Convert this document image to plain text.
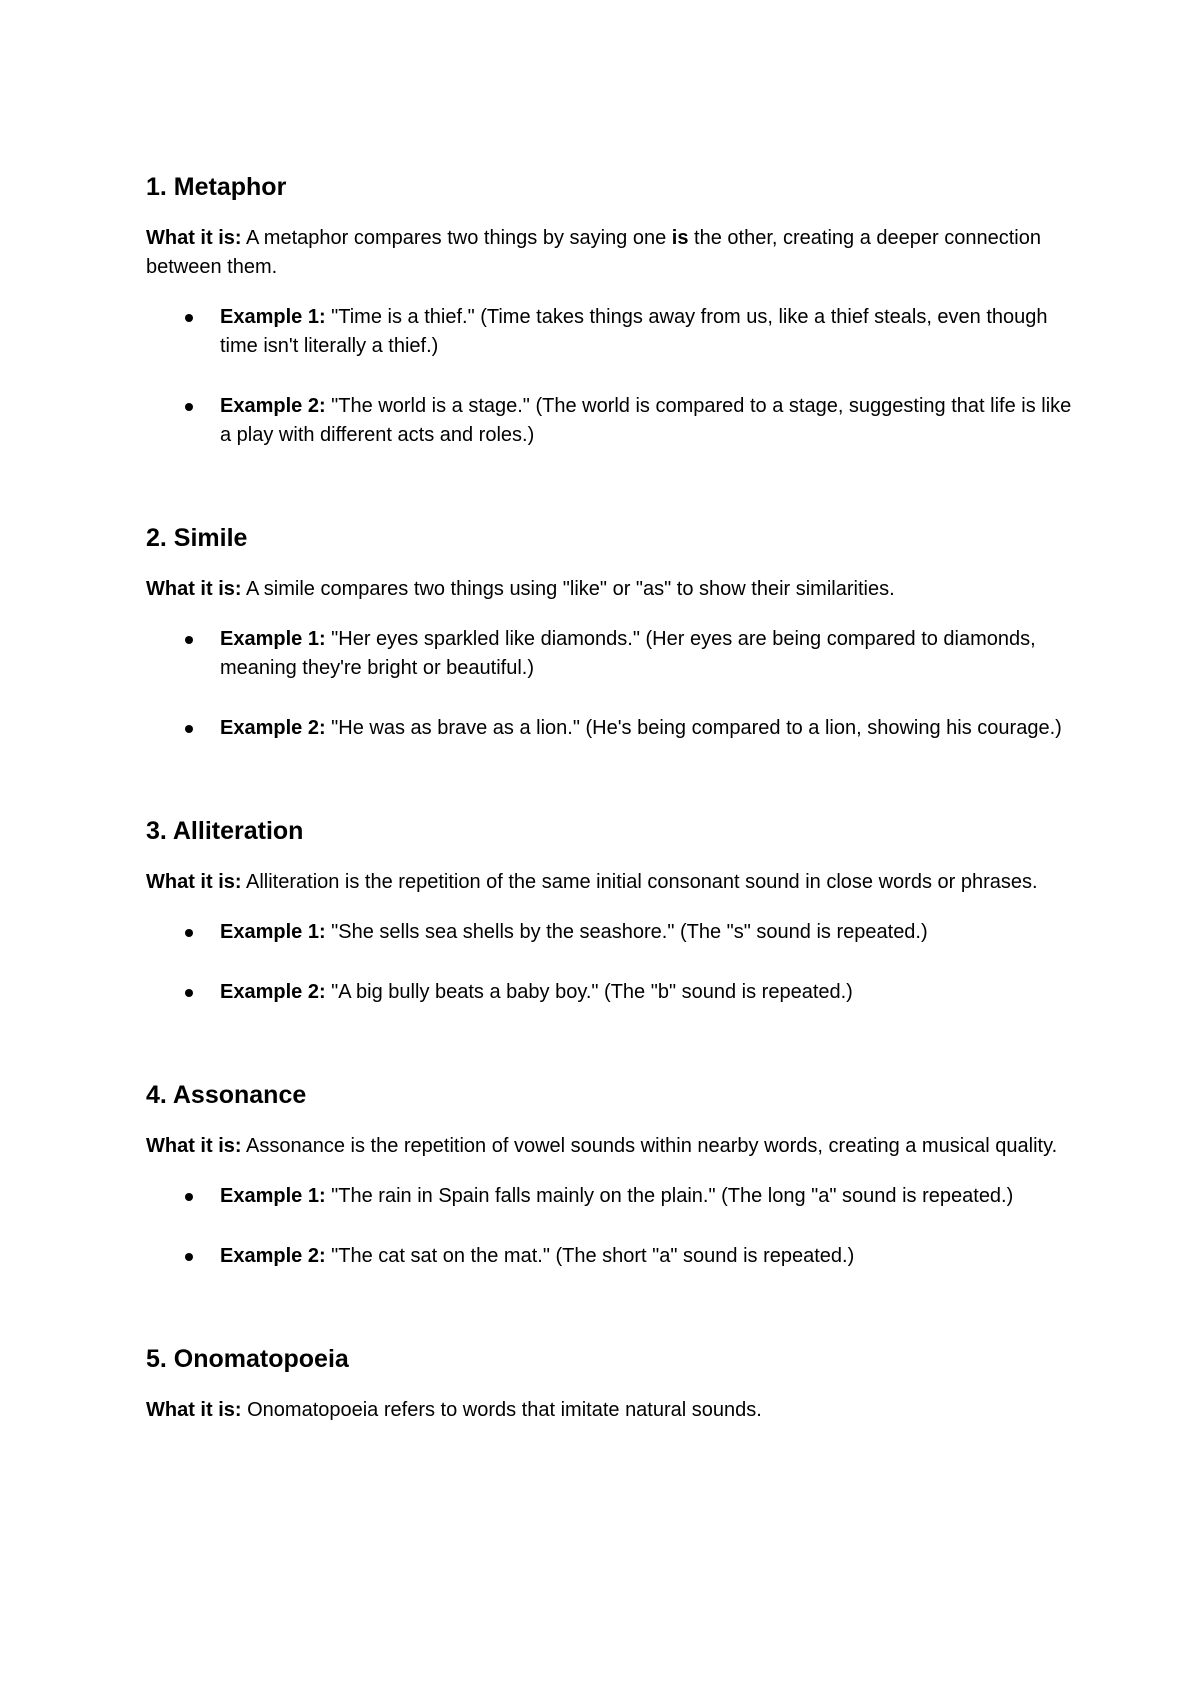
1. Metaphor

What it is: A metaphor compares two things by saying one is the other, creating a deeper connection between them.

Example 1: "Time is a thief." (Time takes things away from us, like a thief steals, even though time isn't literally a thief.)
Example 2: "The world is a stage." (The world is compared to a stage, suggesting that life is like a play with different acts and roles.)
2. Simile

What it is: A simile compares two things using "like" or "as" to show their similarities.

Example 1: "Her eyes sparkled like diamonds." (Her eyes are being compared to diamonds, meaning they're bright or beautiful.)
Example 2: "He was as brave as a lion." (He's being compared to a lion, showing his courage.)
3. Alliteration

What it is: Alliteration is the repetition of the same initial consonant sound in close words or phrases.

Example 1: "She sells sea shells by the seashore." (The "s" sound is repeated.)
Example 2: "A big bully beats a baby boy." (The "b" sound is repeated.)
4. Assonance

What it is: Assonance is the repetition of vowel sounds within nearby words, creating a musical quality.

Example 1: "The rain in Spain falls mainly on the plain." (The long "a" sound is repeated.)
Example 2: "The cat sat on the mat." (The short "a" sound is repeated.)
5. Onomatopoeia

What it is: Onomatopoeia refers to words that imitate natural sounds.
